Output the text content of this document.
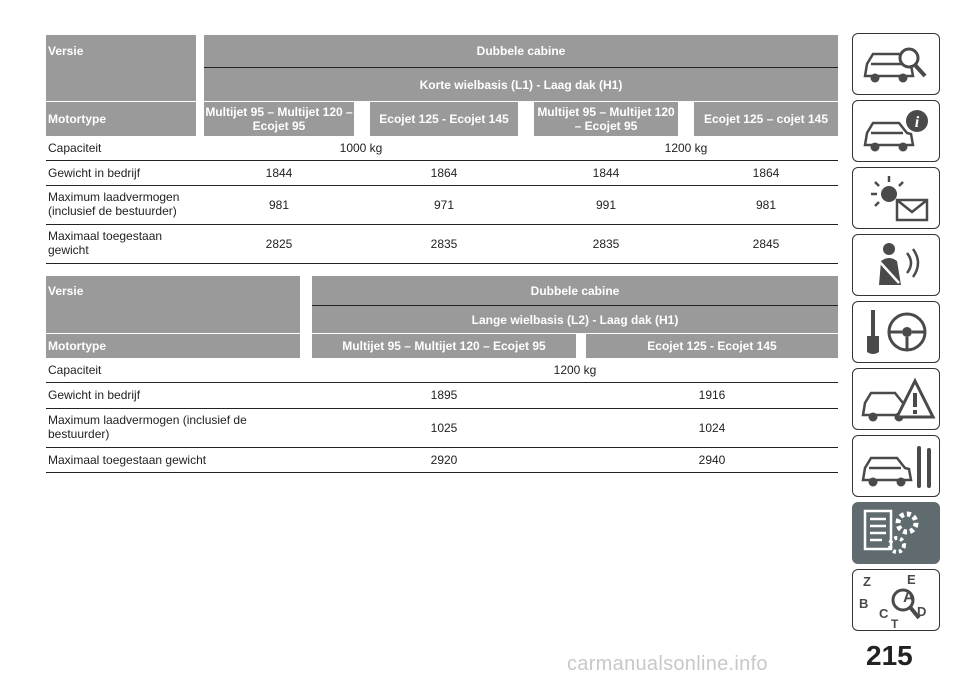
Versie
Motortype
Dubbele cabine
Korte wielbasis (L1) - Laag dak (H1)
Multijet 95 – Multijet 120 – Ecojet 95	Ecojet 125 - Ecojet 145	Multijet 95 – Multijet 120 – Ecojet 95	Ecojet 125 – cojet 145
Capaciteit	1000 kg	1200 kg
Gewicht in bedrijf	1844	1864	1844	1864
Maximum laadvermogen
(inclusief de bestuurder)	981	971	991	981
Maximaal toegestaan
gewicht	2825	2835	2835	2845
Versie
Motortype
Dubbele cabine
Lange wielbasis (L2) - Laag dak (H1)
Multijet 95 – Multijet 120 – Ecojet 95	Ecojet 125 - Ecojet 145
Capaciteit	1200 kg
Gewicht in bedrijf	1895	1916
Maximum laadvermogen (inclusief de
bestuurder)	1025	1024
Maximaal toegestaan gewicht	2920	2940
i
Z	E
B A
C D
T
215
carmanualsonline.info
